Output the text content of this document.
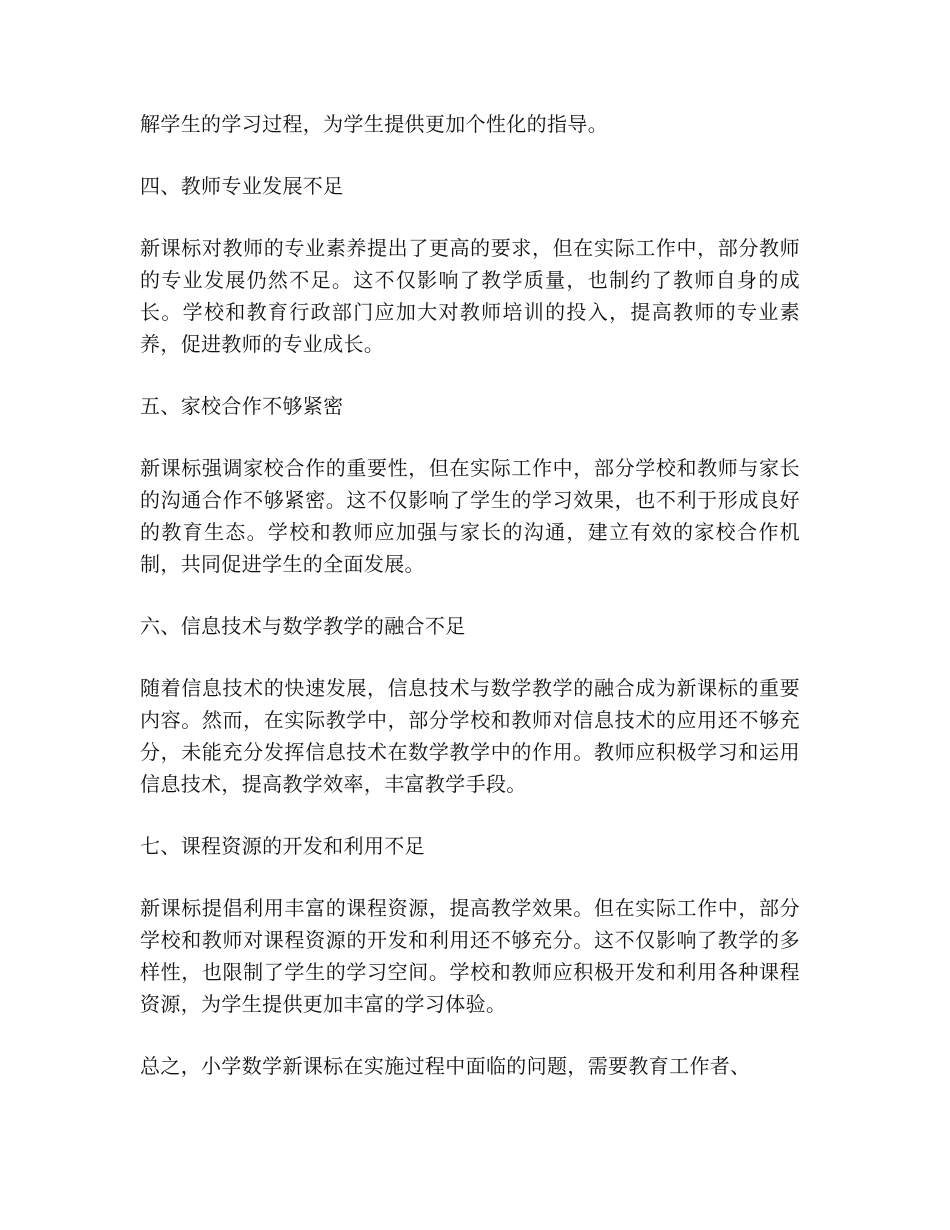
解学生的学习过程，为学生提供更加个性化的指导。

四、教师专业发展不足

新课标对教师的专业素养提出了更高的要求，但在实际工作中，部分教师的专业发展仍然不足。这不仅影响了教学质量，也制约了教师自身的成长。学校和教育行政部门应加大对教师培训的投入，提高教师的专业素养，促进教师的专业成长。

五、家校合作不够紧密

新课标强调家校合作的重要性，但在实际工作中，部分学校和教师与家长的沟通合作不够紧密。这不仅影响了学生的学习效果，也不利于形成良好的教育生态。学校和教师应加强与家长的沟通，建立有效的家校合作机制，共同促进学生的全面发展。

六、信息技术与数学教学的融合不足

随着信息技术的快速发展，信息技术与数学教学的融合成为新课标的重要内容。然而，在实际教学中，部分学校和教师对信息技术的应用还不够充分，未能充分发挥信息技术在数学教学中的作用。教师应积极学习和运用信息技术，提高教学效率，丰富教学手段。

七、课程资源的开发和利用不足

新课标提倡利用丰富的课程资源，提高教学效果。但在实际工作中，部分学校和教师对课程资源的开发和利用还不够充分。这不仅影响了教学的多样性，也限制了学生的学习空间。学校和教师应积极开发和利用各种课程资源，为学生提供更加丰富的学习体验。

总之，小学数学新课标在实施过程中面临的问题，需要教育工作者、
